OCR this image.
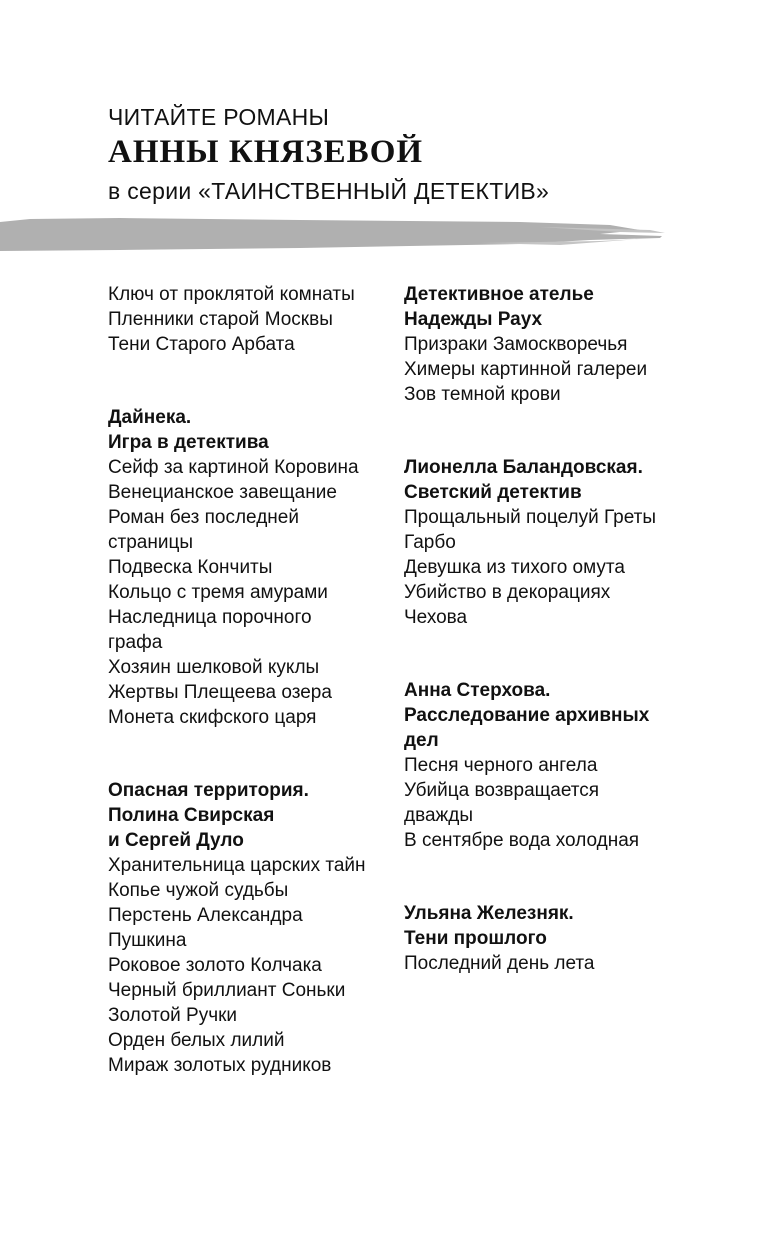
ЧИТАЙТЕ РОМАНЫ
АННЫ КНЯЗЕВОЙ
в серии «ТАИНСТВЕННЫЙ ДЕТЕКТИВ»
Ключ от проклятой комнаты
Пленники старой Москвы
Тени Старого Арбата
Дайнека.
Игра в детектива
Сейф за картиной Коровина
Венецианское завещание
Роман без последней
страницы
Подвеска Кончиты
Кольцо с тремя амурами
Наследница порочного
графа
Хозяин шелковой куклы
Жертвы Плещеева озера
Монета скифского царя
Опасная территория.
Полина Свирская
и Сергей Дуло
Хранительница царских тайн
Копье чужой судьбы
Перстень Александра
Пушкина
Роковое золото Колчака
Черный бриллиант Соньки
Золотой Ручки
Орден белых лилий
Мираж золотых рудников
Детективное ателье
Надежды Раух
Призраки Замоскворечья
Химеры картинной галереи
Зов темной крови
Лионелла Баландовская.
Светский детектив
Прощальный поцелуй Греты
Гарбо
Девушка из тихого омута
Убийство в декорациях
Чехова
Анна Стерхова.
Расследование архивных
дел
Песня черного ангела
Убийца возвращается
дважды
В сентябре вода холодная
Ульяна Железняк.
Тени прошлого
Последний день лета
